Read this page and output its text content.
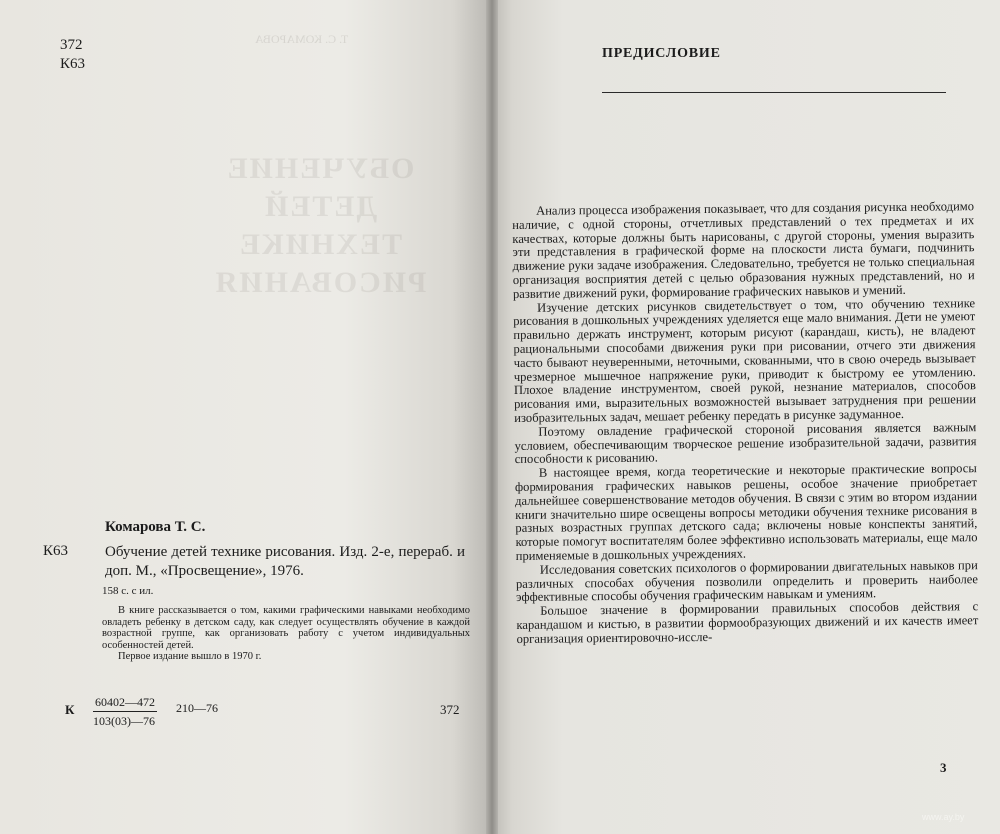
372
К63
Т. С. КОМАРОВА
ОБУЧЕНИЕ
ДЕТЕЙ
ТЕХНИКЕ
РИСОВАНИЯ
Комарова Т. С.
К63 Обучение детей технике рисования. Изд. 2-е, перераб. и доп. М., «Просвещение», 1976.
158 с. с ил.

В книге рассказывается о том, какими графическими навыками необходимо овладеть ребенку в детском саду, как следует осуществлять обучение в каждой возрастной группе, как организовать работу с учетом индивидуальных особенностей детей.

Первое издание вышло в 1970 г.

К $\frac{60402—472}{103(03)—76}$ 210—76	372
ПРЕДИСЛОВИЕ

Анализ процесса изображения показывает, что для создания рисунка необходимо наличие, с одной стороны, отчетливых представлений о тех предметах и их качествах, которые должны быть нарисованы, с другой стороны, умения выразить эти представления в графической форме на плоскости листа бумаги, подчинить движение руки задаче изображения. Следовательно, требуется не только специальная организация восприятия детей с целью образования нужных представлений, но и развитие движений руки, формирование графических навыков и умений.

Изучение детских рисунков свидетельствует о том, что обучению технике рисования в дошкольных учреждениях уделяется еще мало внимания. Дети не умеют правильно держать инструмент, которым рисуют (карандаш, кисть), не владеют рациональными способами движения руки при рисовании, отчего эти движения часто бывают неуверенными, неточными, скованными, что в свою очередь вызывает чрезмерное мышечное напряжение руки, приводит к быстрому ее утомлению. Плохое владение инструментом, своей рукой, незнание материалов, способов рисования ими, выразительных возможностей вызывает затруднения при решении изобразительных задач, мешает ребенку передать в рисунке задуманное.

Поэтому овладение графической стороной рисования является важным условием, обеспечивающим творческое решение изобразительной задачи, развития способности к рисованию.

В настоящее время, когда теоретические и некоторые практические вопросы формирования графических навыков решены, особое значение приобретает дальнейшее совершенствование методов обучения. В связи с этим во втором издании книги значительно шире освещены вопросы методики обучения технике рисования в разных возрастных группах детского сада; включены новые конспекты занятий, которые помогут воспитателям более эффективно использовать материалы, еще мало применяемые в дошкольных учреждениях.

Исследования советских психологов о формировании двигательных навыков при различных способах обучения позволили определить и проверить наиболее эффективные способы обучения графическим навыкам и умениям.

Большое значение в формировании правильных способов действия с карандашом и кистью, в развитии формообразующих движений и их качеств имеет организация ориентировочно-иссле-

3
www.ay.by
